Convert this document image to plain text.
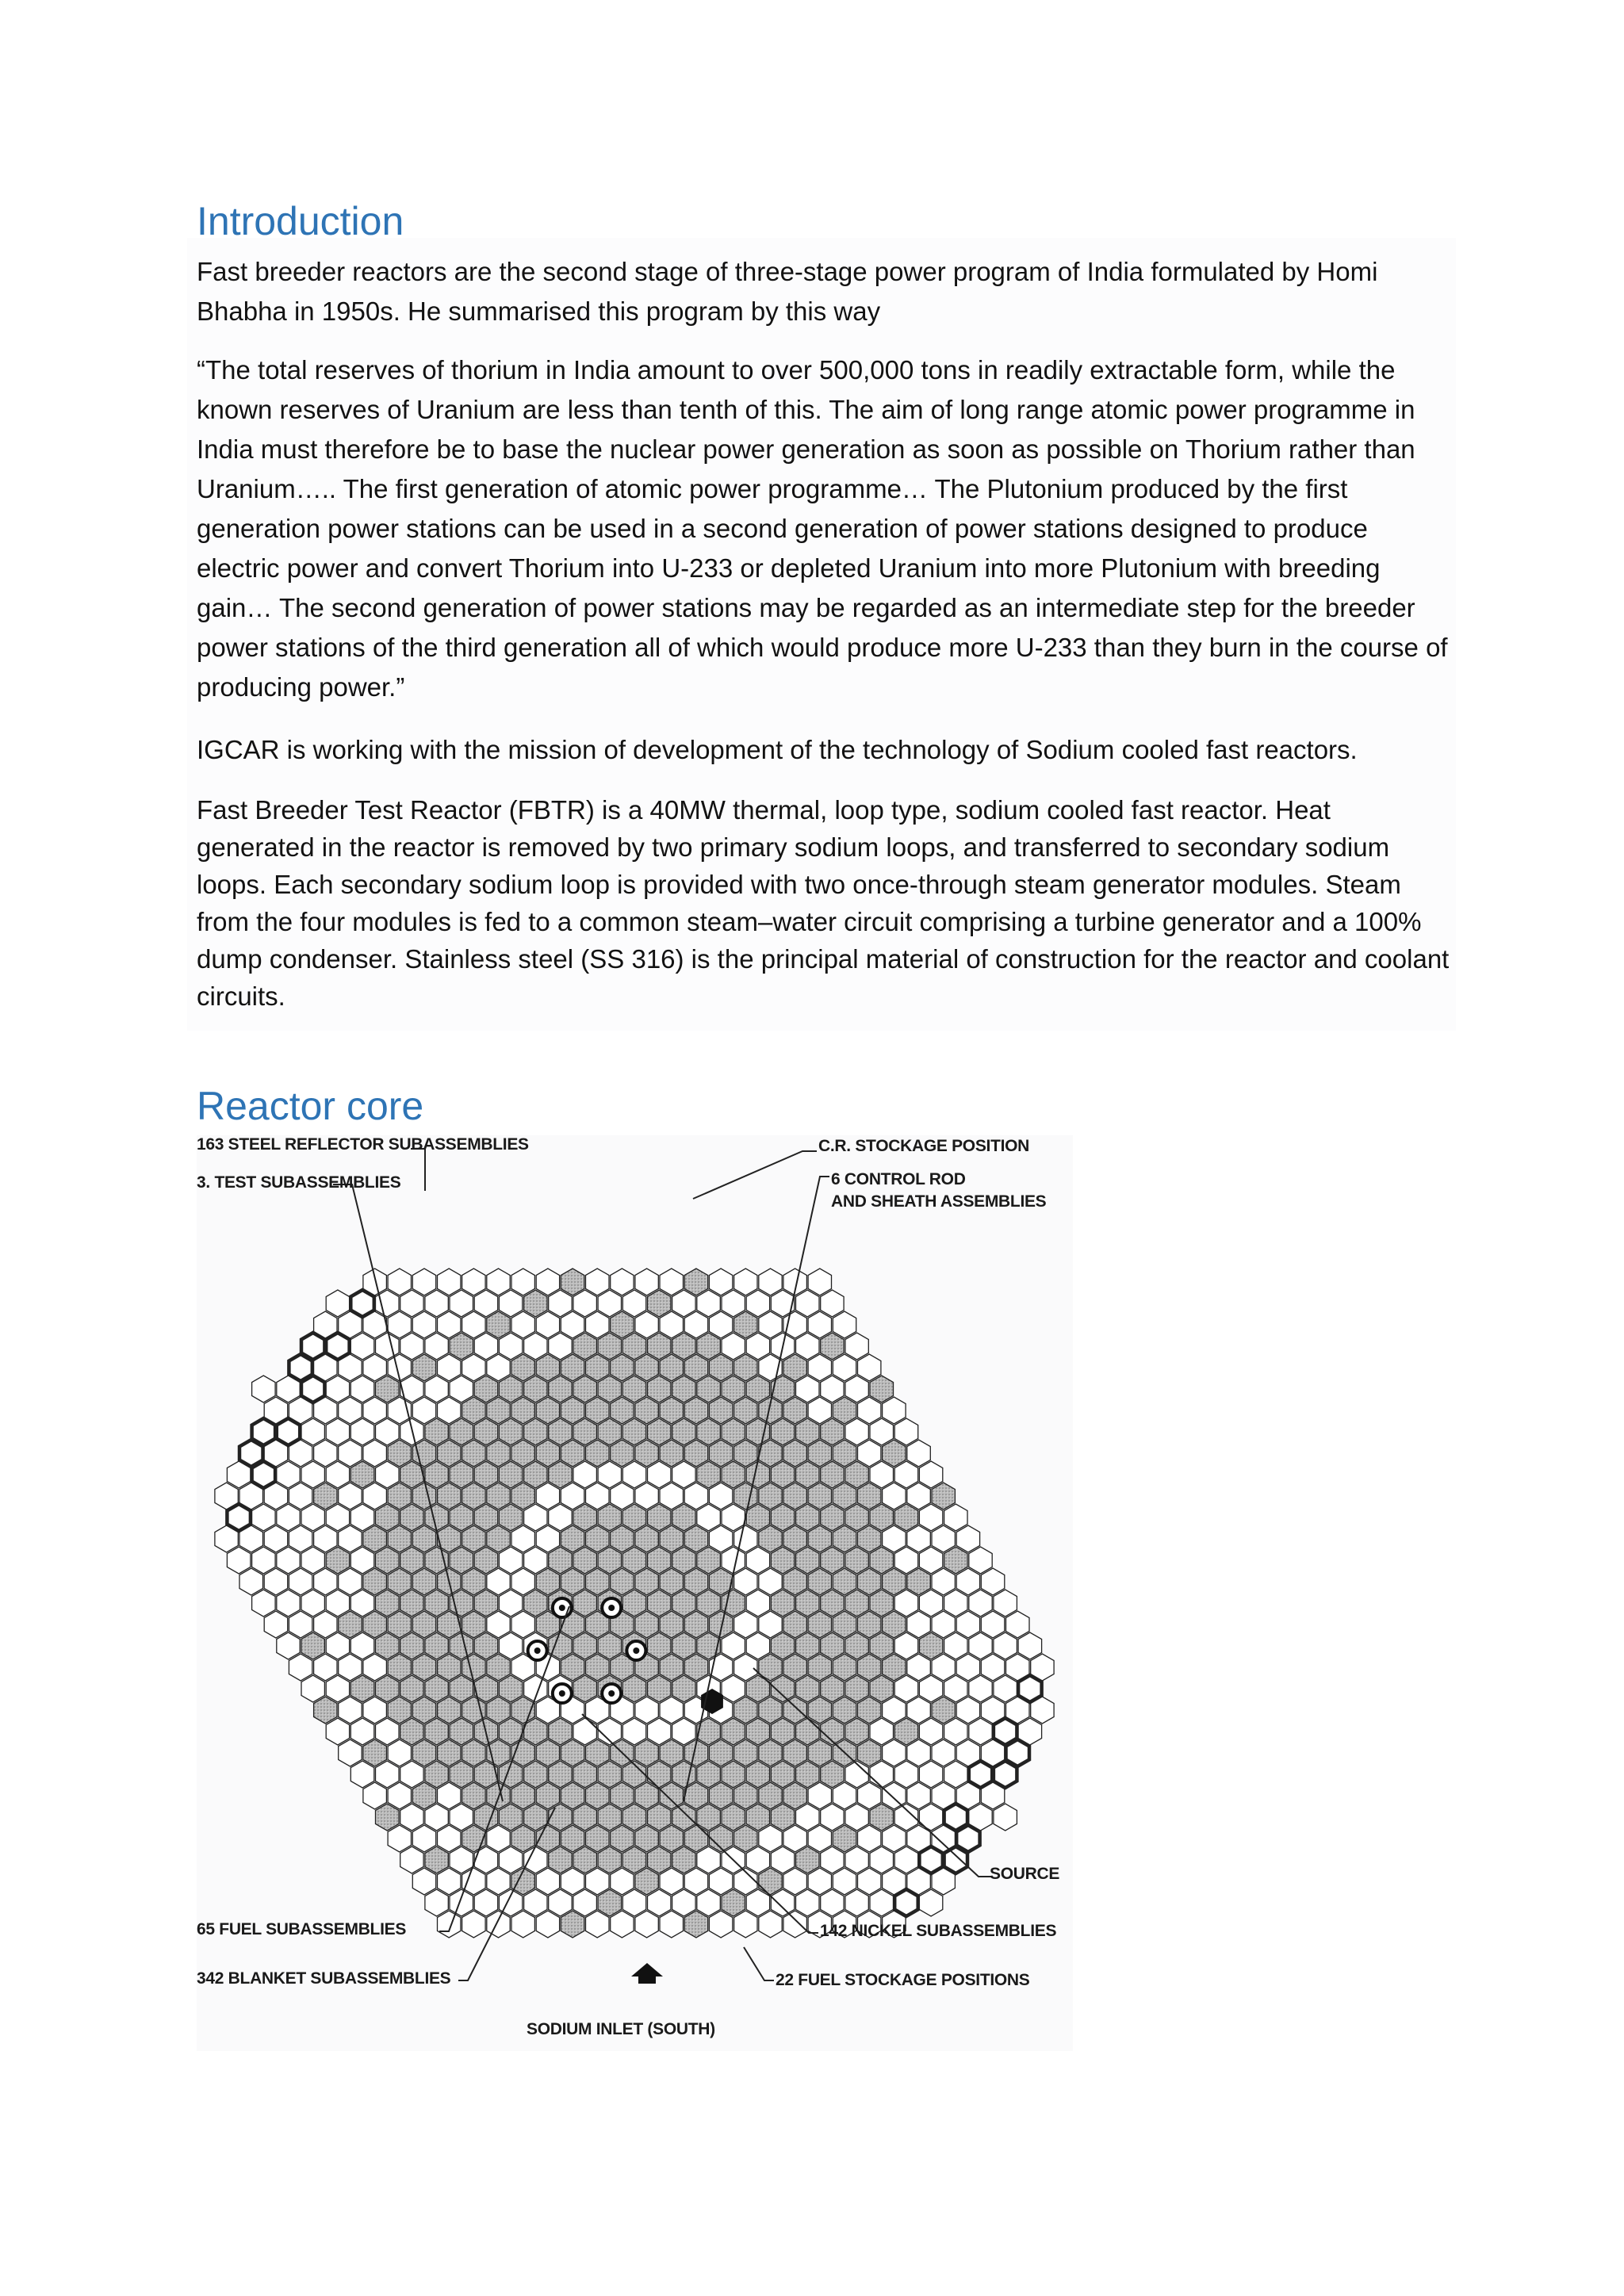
Introduction

Fast breeder reactors are the second stage of three-stage power program of India formulated by Homi Bhabha in 1950s. He summarised this program by this way

“The total reserves of thorium in India amount to over 500,000 tons in readily extractable form, while the known reserves of Uranium are less than tenth of this. The aim of long range atomic power programme in India must therefore be to base the nuclear power generation as soon as possible on Thorium rather than Uranium….. The first generation of atomic power programme… The Plutonium produced by the first generation power stations can be used in a second generation of power stations designed to produce electric power and convert Thorium into U-233 or depleted Uranium into more Plutonium with breeding gain… The second generation of power stations may be regarded as an intermediate step for the breeder power stations of the third generation all of which would produce more U-233 than they burn in the course of producing power.”

IGCAR is working with the mission of development of the technology of Sodium cooled fast reactors.

Fast Breeder Test Reactor (FBTR) is a 40MW thermal, loop type, sodium cooled fast reactor. Heat generated in the reactor is removed by two primary sodium loops, and transferred to secondary sodium loops. Each secondary sodium loop is provided with two once-through steam generator modules. Steam from the four modules is fed to a common steam–water circuit comprising a turbine generator and a 100% dump condenser. Stainless steel (SS 316) is the principal material of construction for the reactor and coolant circuits.

Reactor core
163 STEEL REFLECTOR SUBASSEMBLIES
3. TEST SUBASSEMBLIES
C.R. STOCKAGE POSITION
6 CONTROL ROD
AND SHEATH ASSEMBLIES
SOURCE
65 FUEL SUBASSEMBLIES	142 NICKEL SUBASSEMBLIES
342 BLANKET SUBASSEMBLIES	22 FUEL STOCKAGE POSITIONS
SODIUM INLET (SOUTH)
